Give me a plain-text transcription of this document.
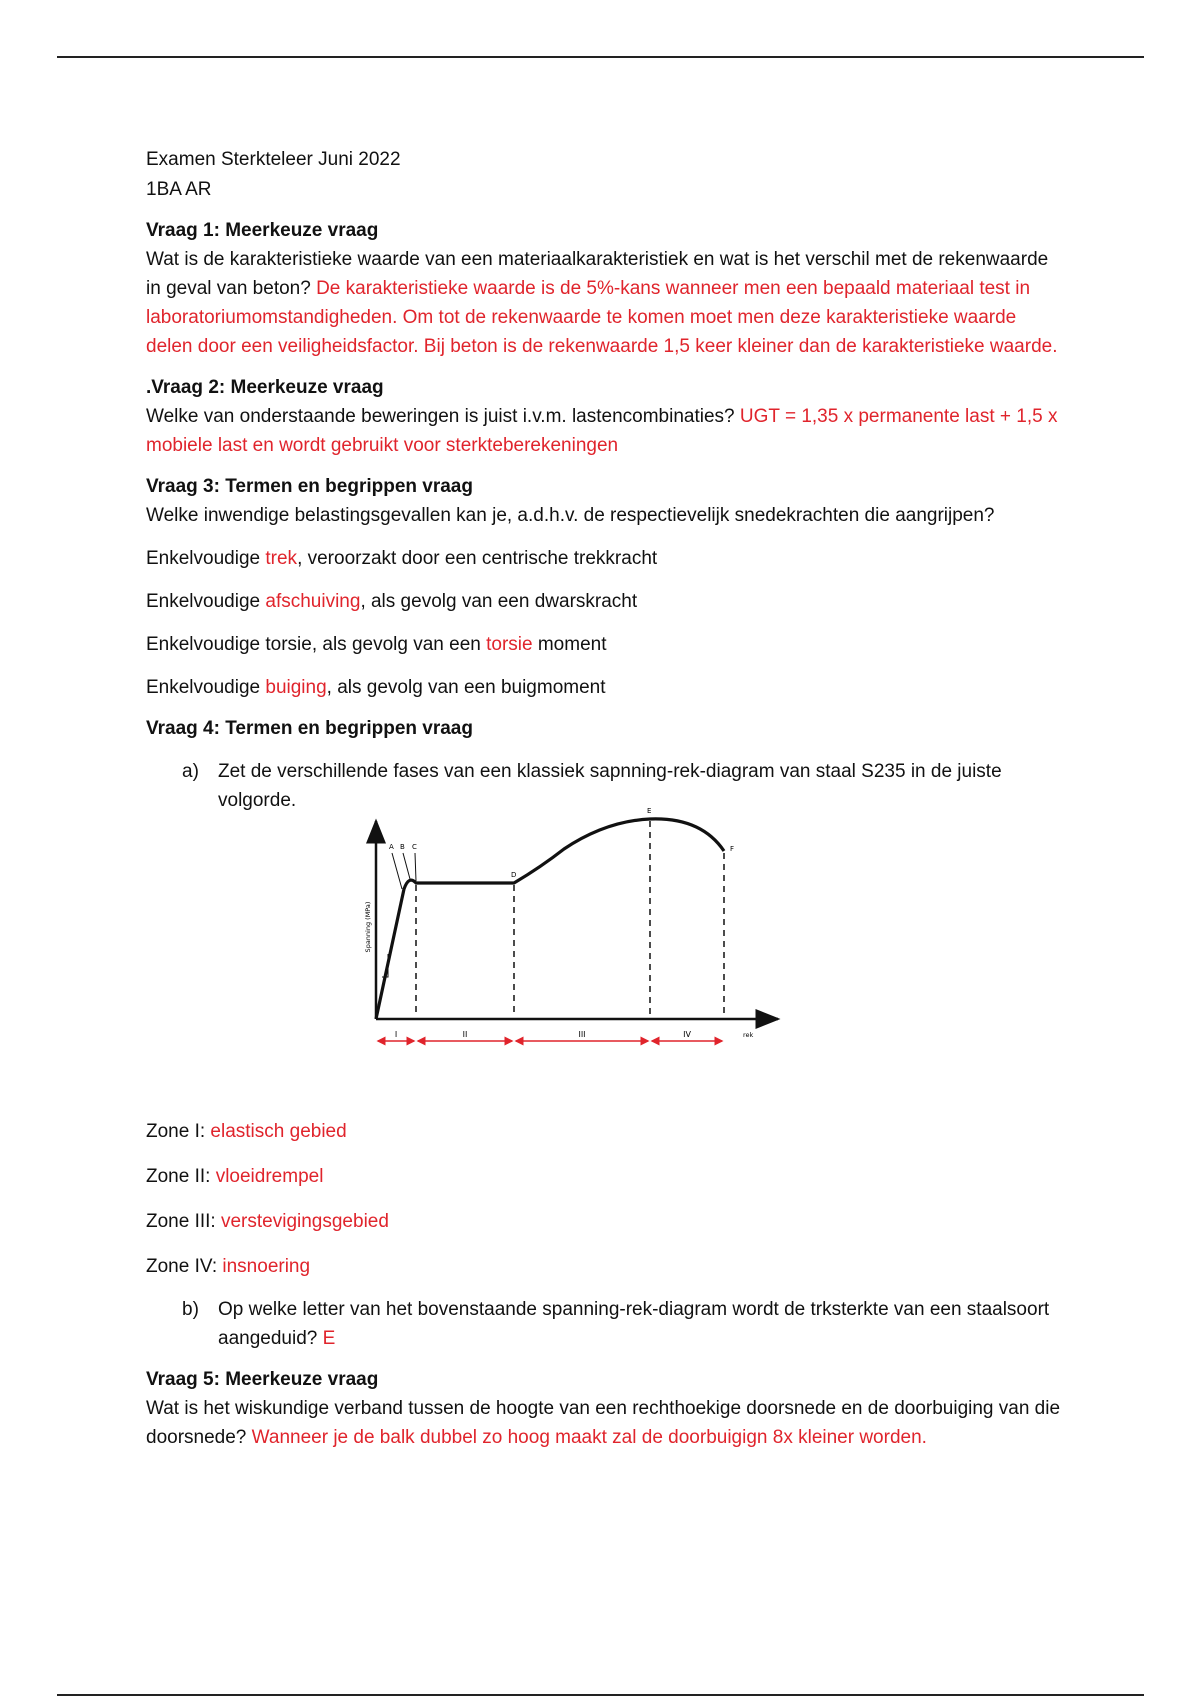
Examen Sterkteleer Juni 2022

1BA AR

Vraag 1: Meerkeuze vraag

Wat is de karakteristieke waarde van een materiaalkarakteristiek en wat is het verschil met de rekenwaarde in geval van beton? De karakteristieke waarde is de 5%-kans wanneer men een bepaald materiaal test in laboratoriumomstandigheden. Om tot de rekenwaarde te komen moet men deze karakteristieke waarde delen door een veiligheidsfactor. Bij beton is de rekenwaarde 1,5 keer kleiner dan de karakteristieke waarde.

.Vraag 2: Meerkeuze vraag

Welke van onderstaande beweringen is juist i.v.m. lastencombinaties? UGT = 1,35 x permanente last + 1,5 x mobiele last en wordt gebruikt voor sterkteberekeningen

Vraag 3: Termen en begrippen vraag

Welke inwendige belastingsgevallen kan je, a.d.h.v. de respectievelijk snedekrachten die aangrijpen?

Enkelvoudige trek, veroorzakt door een centrische trekkracht

Enkelvoudige afschuiving, als gevolg van een dwarskracht

Enkelvoudige torsie, als gevolg van een torsie moment

Enkelvoudige buiging, als gevolg van een buigmoment

Vraag 4: Termen en begrippen vraag

a)	Zet de verschillende fases van een klassiek sapnning-rek-diagram van staal S235 in de juiste volgorde.
A B C
D
E
F
Spanning (MPa)
rek
I	II	III	IV

Zone I: elastisch gebied

Zone II: vloeidrempel

Zone III: verstevigingsgebied

Zone IV: insnoering

b)	Op welke letter van het bovenstaande spanning-rek-diagram wordt de trksterkte van een staalsoort aangeduid? E

Vraag 5: Meerkeuze vraag

Wat is het wiskundige verband tussen de hoogte van een rechthoekige doorsnede en de doorbuiging van die doorsnede? Wanneer je de balk dubbel zo hoog maakt zal de doorbuigign 8x kleiner worden.
